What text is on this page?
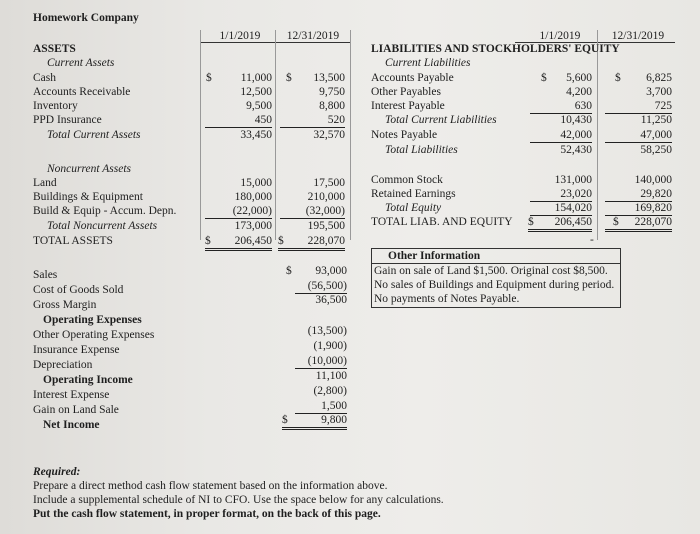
Homework Company
1/1/2019	12/31/2019	1/1/2019	12/31/2019
ASSETS
Current Assets
Cash	$	11,000 $	13,500
Accounts Receivable	12,500	9,750
Inventory	9,500	8,800
PPD Insurance	450	520
Total Current Assets	33,450	32,570
Noncurrent Assets
Land	15,000	17,500
Buildings & Equipment	180,000	210,000
Build & Equip - Accum. Depn.	(22,000)	(32,000)
Total Noncurrent Assets	173,000	195,500
TOTAL ASSETS	$ 206,450 $ 228,070
LIABILITIES AND STOCKHOLDERS' EQUITY
Current Liabilities
Accounts Payable	$	5,600 $	6,825
Other Payables	4,200	3,700
Interest Payable	630	725
Total Current Liabilities	10,430	11,250
Notes Payable	42,000	47,000
Total Liabilities	52,430	58,250
Common Stock	131,000	140,000
Retained Earnings	23,020	29,820
Total Equity	154,020	169,820
TOTAL LIAB. AND EQUITY $ 206,450	$ 228,070
-
Sales	$	93,000
Cost of Goods Sold	(56,500)
Gross Margin	36,500
Operating Expenses
Other Operating Expenses	(13,500)
Insurance Expense	(1,900)
Depreciation	(10,000)
Operating Income	11,100
Interest Expense	(2,800)
Gain on Land Sale	1,500
Net Income	$	9,800
Other Information
Gain on sale of Land $1,500. Original cost $8,500.
No sales of Buildings and Equipment during period.
No payments of Notes Payable.
Required:
Prepare a direct method cash flow statement based on the information above.
Include a supplemental schedule of NI to CFO. Use the space below for any calculations.
Put the cash flow statement, in proper format, on the back of this page.
